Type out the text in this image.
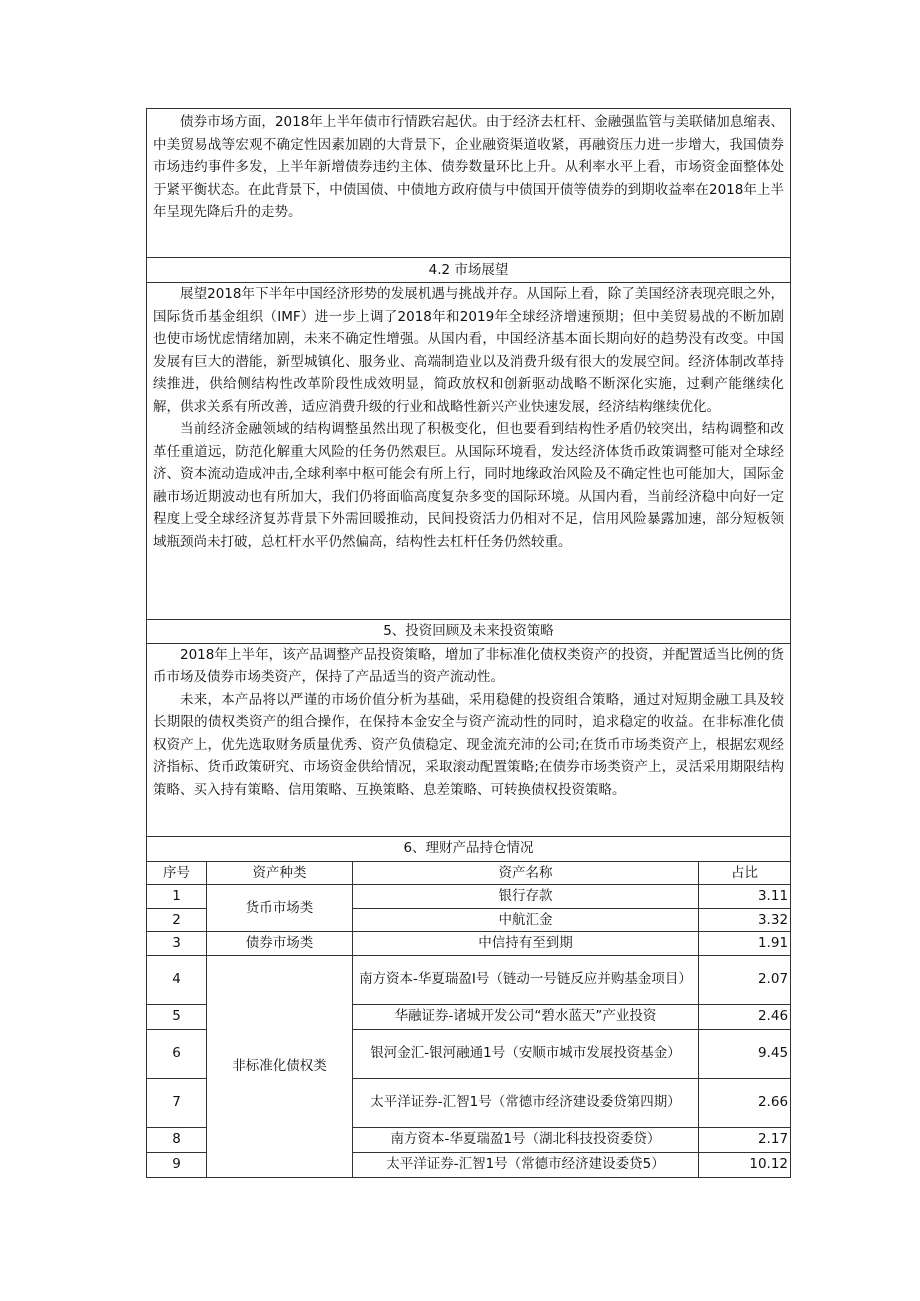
债券市场方面，2018年上半年债市行情跌宕起伏。由于经济去杠杆、金融强监管与美联储加息缩表、中美贸易战等宏观不确定性因素加剧的大背景下，企业融资渠道收紧，再融资压力进一步增大，我国债券市场违约事件多发，上半年新增债券违约主体、债券数量环比上升。从利率水平上看，市场资金面整体处于紧平衡状态。在此背景下，中债国债、中债地方政府债与中债国开债等债券的到期收益率在2018年上半年呈现先降后升的走势。			

4.2 市场展望			

展望2018年下半年中国经济形势的发展机遇与挑战并存。从国际上看，除了美国经济表现亮眼之外，国际货币基金组织（IMF）进一步上调了2018年和2019年全球经济增速预期；但中美贸易战的不断加剧也使市场忧虑情绪加剧，未来不确定性增强。从国内看，中国经济基本面长期向好的趋势没有改变。中国发展有巨大的潜能，新型城镇化、服务业、高端制造业以及消费升级有很大的发展空间。经济体制改革持续推进，供给侧结构性改革阶段性成效明显，简政放权和创新驱动战略不断深化实施，过剩产能继续化解，供求关系有所改善，适应消费升级的行业和战略性新兴产业快速发展，经济结构继续优化。

当前经济金融领域的结构调整虽然出现了积极变化，但也要看到结构性矛盾仍较突出，结构调整和改革任重道远，防范化解重大风险的任务仍然艰巨。从国际环境看，发达经济体货币政策调整可能对全球经济、资本流动造成冲击,全球利率中枢可能会有所上行，同时地缘政治风险及不确定性也可能加大，国际金融市场近期波动也有所加大，我们仍将面临高度复杂多变的国际环境。从国内看，当前经济稳中向好一定程度上受全球经济复苏背景下外需回暖推动，民间投资活力仍相对不足，信用风险暴露加速，部分短板领域瓶颈尚未打破，总杠杆水平仍然偏高，结构性去杠杆任务仍然较重。			

5、投资回顾及未来投资策略			

2018年上半年，该产品调整产品投资策略，增加了非标准化债权类资产的投资，并配置适当比例的货币市场及债券市场类资产，保持了产品适当的资产流动性。

未来，本产品将以严谨的市场价值分析为基础，采用稳健的投资组合策略，通过对短期金融工具及较长期限的债权类资产的组合操作，在保持本金安全与资产流动性的同时，追求稳定的收益。在非标准化债权资产上，优先选取财务质量优秀、资产负债稳定、现金流充沛的公司;在货币市场类资产上，根据宏观经济指标、货币政策研究、市场资金供给情况，采取滚动配置策略;在债券市场类资产上，灵活采用期限结构策略、买入持有策略、信用策略、互换策略、息差策略、可转换债权投资策略。			

6、理财产品持仓情况			
序号	资产种类	资产名称	占比
1	货币市场类	银行存款	3.11
2		中航汇金	3.32
3	债券市场类	中信持有至到期	1.91
4	非标准化债权类	南方资本-华夏瑞盈Ⅰ号（链动一号链反应并购基金项目）	2.07
5		华融证券-诸城开发公司“碧水蓝天”产业投资	2.46
6		银河金汇-银河融通1号（安顺市城市发展投资基金）	9.45
7		太平洋证券-汇智1号（常德市经济建设委贷第四期）	2.66
8		南方资本-华夏瑞盈1号（湖北科技投资委贷）	2.17
9		太平洋证券-汇智1号（常德市经济建设委贷5）	10.12
